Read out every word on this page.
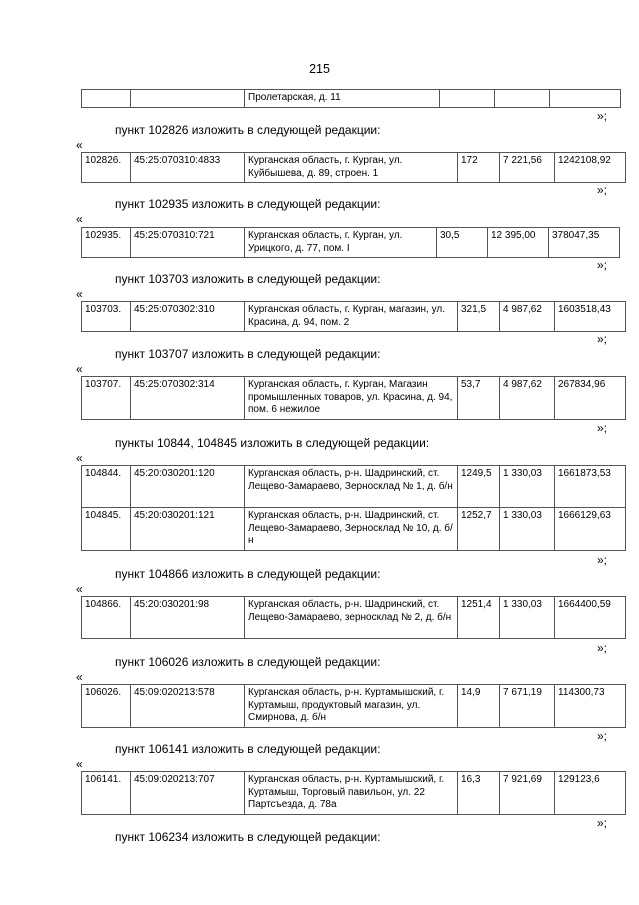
215
		Пролетарская, д. 11			
»;
пункт 102826 изложить в следующей редакции:
«
102826.	45:25:070310:4833	Курганская область, г. Курган, ул. Куйбышева, д. 89, строен. 1	172	7 221,56	1242108,92
»;
пункт 102935 изложить в следующей редакции:
«
102935.	45:25:070310:721	Курганская область, г. Курган, ул. Урицкого, д. 77, пом. I	30,5	12 395,00	378047,35
»;
пункт 103703 изложить в следующей редакции:
«
103703.	45:25:070302:310	Курганская область, г. Курган, магазин, ул. Красина, д. 94, пом. 2	321,5	4 987,62	1603518,43
»;
пункт 103707 изложить в следующей редакции:
«
103707.	45:25:070302:314	Курганская область, г. Курган, Магазин промышленных товаров, ул. Красина, д. 94, пом. 6 нежилое	53,7	4 987,62	267834,96
»;
пункты 10844, 104845 изложить в следующей редакции:
«
104844.	45:20:030201:120	Курганская область, р-н. Шадринский, ст. Лещево-Замараево, Зерносклад № 1, д. б/н	1249,5	1 330,03	1661873,53
104845.	45:20:030201:121	Курганская область, р-н. Шадринский, ст. Лещево-Замараево, Зерносклад № 10, д. б/н	1252,7	1 330,03	1666129,63
»;
пункт 104866 изложить в следующей редакции:
«
104866.	45:20:030201:98	Курганская область, р-н. Шадринский, ст. Лещево-Замараево, зерносклад № 2, д. б/н	1251,4	1 330,03	1664400,59
»;
пункт 106026 изложить в следующей редакции:
«
106026.	45:09:020213:578	Курганская область, р-н. Куртамышский, г. Куртамыш, продуктовый магазин, ул. Смирнова, д. б/н	14,9	7 671,19	114300,73
»;
пункт 106141 изложить в следующей редакции:
«
106141.	45:09:020213:707	Курганская область, р-н. Куртамышский, г. Куртамыш, Торговый павильон, ул. 22 Партсъезда, д. 78а	16,3	7 921,69	129123,6
»;
пункт 106234 изложить в следующей редакции:
